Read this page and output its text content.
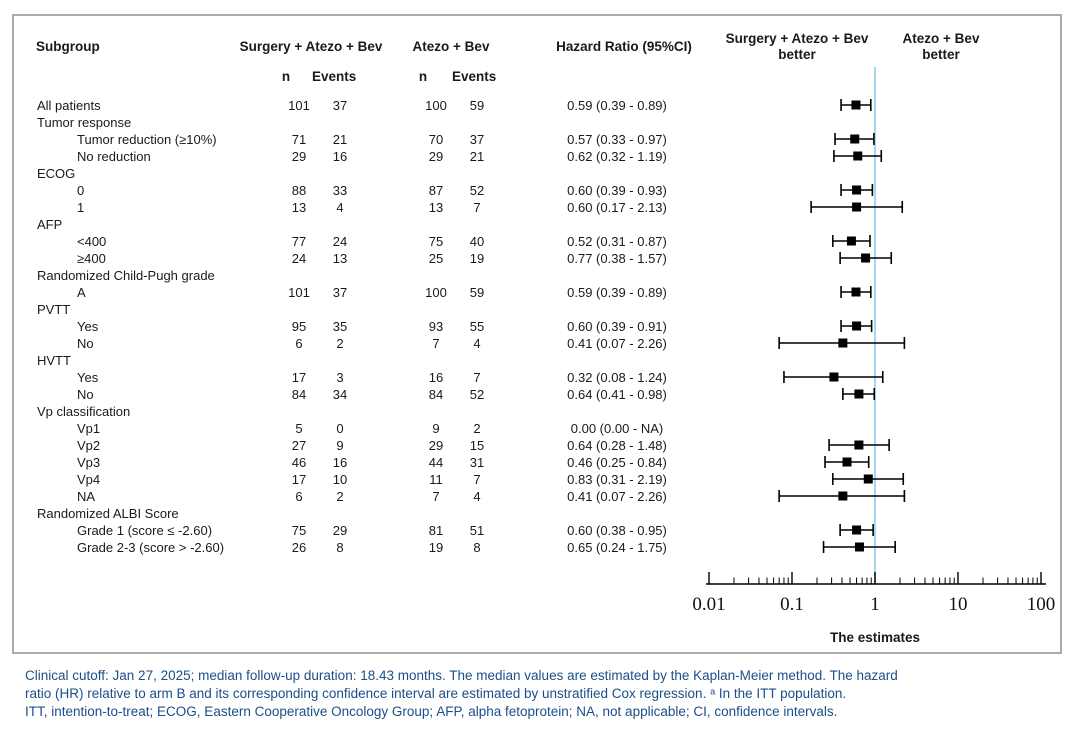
Subgroup	Surgery + Atezo + Bev
n	Events
Atezo + Bev
n	Events
Hazard Ratio (95%CI)
Surgery + Atezo + Bev
better
Atezo + Bev
better
All patients	101	37	100	59	0.59 (0.39 - 0.89)
Tumor response
Tumor reduction (≥10%)	71	21	70	37	0.57 (0.33 - 0.97)
No reduction	29	16	29	21	0.62 (0.32 - 1.19)
ECOG
0	88	33	87	52	0.60 (0.39 - 0.93)
1	13	4	13	7	0.60 (0.17 - 2.13)
AFP
<400	77	24	75	40	0.52 (0.31 - 0.87)
≥400	24	13	25	19	0.77 (0.38 - 1.57)
Randomized Child-Pugh grade
A	101	37	100	59	0.59 (0.39 - 0.89)
PVTT
Yes	95	35	93	55	0.60 (0.39 - 0.91)
No	6	2	7	4	0.41 (0.07 - 2.26)
HVTT
Yes	17	3	16	7	0.32 (0.08 - 1.24)
No	84	34	84	52	0.64 (0.41 - 0.98)
Vp classification
Vp1	5	0	9	2	0.00 (0.00 - NA)
Vp2	27	9	29	15	0.64 (0.28 - 1.48)
Vp3	46	16	44	31	0.46 (0.25 - 0.84)
Vp4	17	10	11	7	0.83 (0.31 - 2.19)
NA	6	2	7	4	0.41 (0.07 - 2.26)
Randomized ALBI Score
Grade 1 (score ≤ -2.60)	75	29	81	51	0.60 (0.38 - 0.95)
Grade 2-3 (score > -2.60)	26	8	19	8	0.65 (0.24 - 1.75)
0.01	0.1	1	10	100
The estimates
Clinical cutoff: Jan 27, 2025; median follow-up duration: 18.43 months. The median values are estimated by the Kaplan-Meier method. The hazard
ratio (HR) relative to arm B and its corresponding confidence interval are estimated by unstratified Cox regression. ᵃ In the ITT population.
ITT, intention-to-treat; ECOG, Eastern Cooperative Oncology Group; AFP, alpha fetoprotein; NA, not applicable; CI, confidence intervals.
